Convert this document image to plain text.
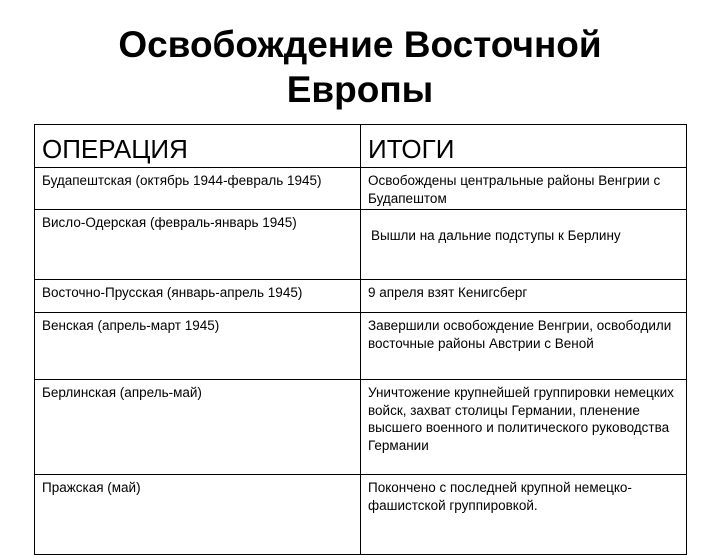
Освобождение Восточной
Европы
ОПЕРАЦИЯ	ИТОГИ

Будапештская (октябрь 1944-февраль 1945)	Освобождены центральные районы Венгрии с Будапештом

Висло-Одерская (февраль-январь 1945)	Вышли на дальние подступы к Берлину

Восточно-Прусская (январь-апрель 1945)	9 апреля взят Кенигсберг

Венская (апрель-март 1945)	Завершили освобождение Венгрии, освободили восточные районы Австрии с Веной

Берлинская (апрель-май)	Уничтожение крупнейшей группировки немецких войск, захват столицы Германии, пленение высшего военного и политического руководства Германии

Пражская (май)	Покончено с последней крупной немецко-фашистской группировкой.
